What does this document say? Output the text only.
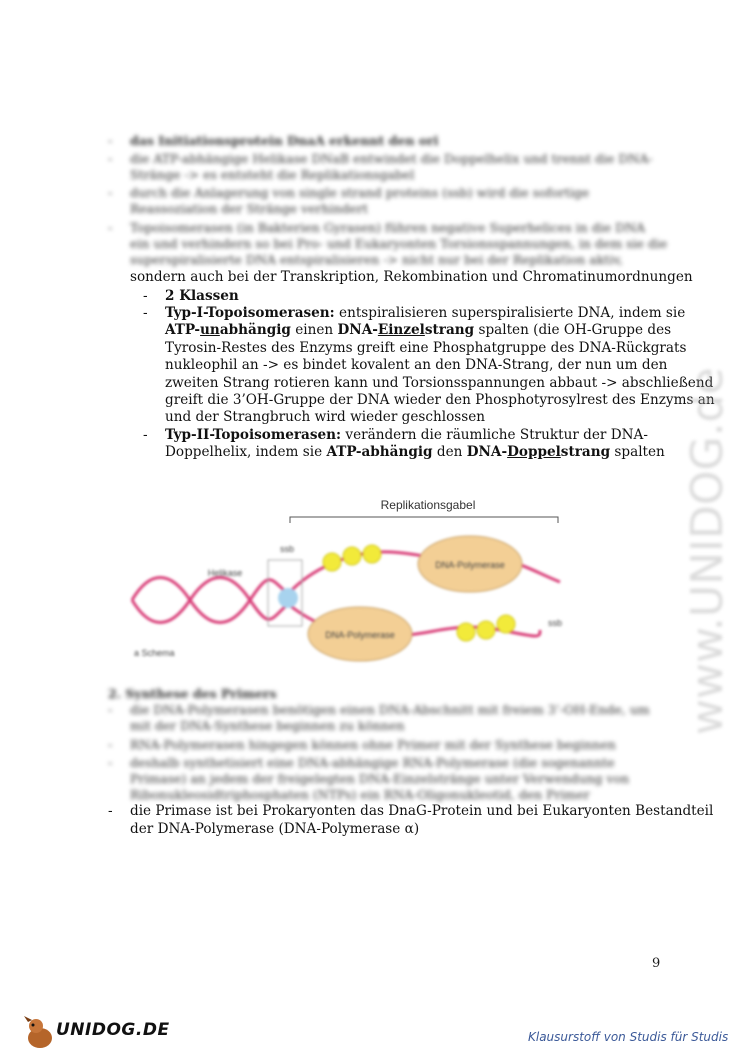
- das Initiationsprotein DnaA erkennt den ori
- die ATP-abhängige Helikase DNaB entwindet die Doppelhelix und trennt die DNA-
Stränge -> es entsteht die Replikationsgabel
- durch die Anlagerung von single strand proteins (ssb) wird die sofortige
Reassoziation der Stränge verhindert
- Topoisomerasen (in Bakterien Gyrasen) führen negative Superhelices in die DNA
ein und verhindern so bei Pro- und Eukaryonten Torsionsspannungen, in dem sie die
superspiralisierte DNA entspiralisieren -> nicht nur bei der Replikation aktiv,
sondern auch bei der Transkription, Rekombination und Chromatinumordnungen
- 2 Klassen
- Typ-I-Topoisomerasen: entspiralisieren superspiralisierte DNA, indem sie
ATP-unabhängig einen DNA-Einzelstrang spalten (die OH-Gruppe des
Tyrosin-Restes des Enzyms greift eine Phosphatgruppe des DNA-Rückgrats
nukleophil an -> es bindet kovalent an den DNA-Strang, der nun um den
zweiten Strang rotieren kann und Torsionsspannungen abbaut -> abschließend
greift die 3’OH-Gruppe der DNA wieder den Phosphotyrosylrest des Enzyms an
und der Strangbruch wird wieder geschlossen
- Typ-II-Topoisomerasen: verändern die räumliche Struktur der DNA-
Doppelhelix, indem sie ATP-abhängig den DNA-Doppelstrang spalten
Replikationsgabel
DNA-Polymerase
DNA-Polymerase
Helikase
ssb
ssb
a Schema
2. Synthese des Primers
- die DNA-Polymerasen benötigen einen DNA-Abschnitt mit freiem 3’-OH-Ende, um
mit der DNA-Synthese beginnen zu können
- RNA-Polymerasen hingegen können ohne Primer mit der Synthese beginnen
- deshalb synthetisiert eine DNA-abhängige RNA-Polymerase (die sogenannte
Primase) an jedem der freigelegten DNA-Einzelstränge unter Verwendung von
Ribonukleosidtriphosphaten (NTPs) ein RNA-Oligonukleotid, den Primer
- die Primase ist bei Prokaryonten das DnaG-Protein und bei Eukaryonten Bestandteil
der DNA-Polymerase (DNA-Polymerase α)
www.UNIDOG.de
9
UNIDOG.DE	Klausurstoff von Studis für Studis
